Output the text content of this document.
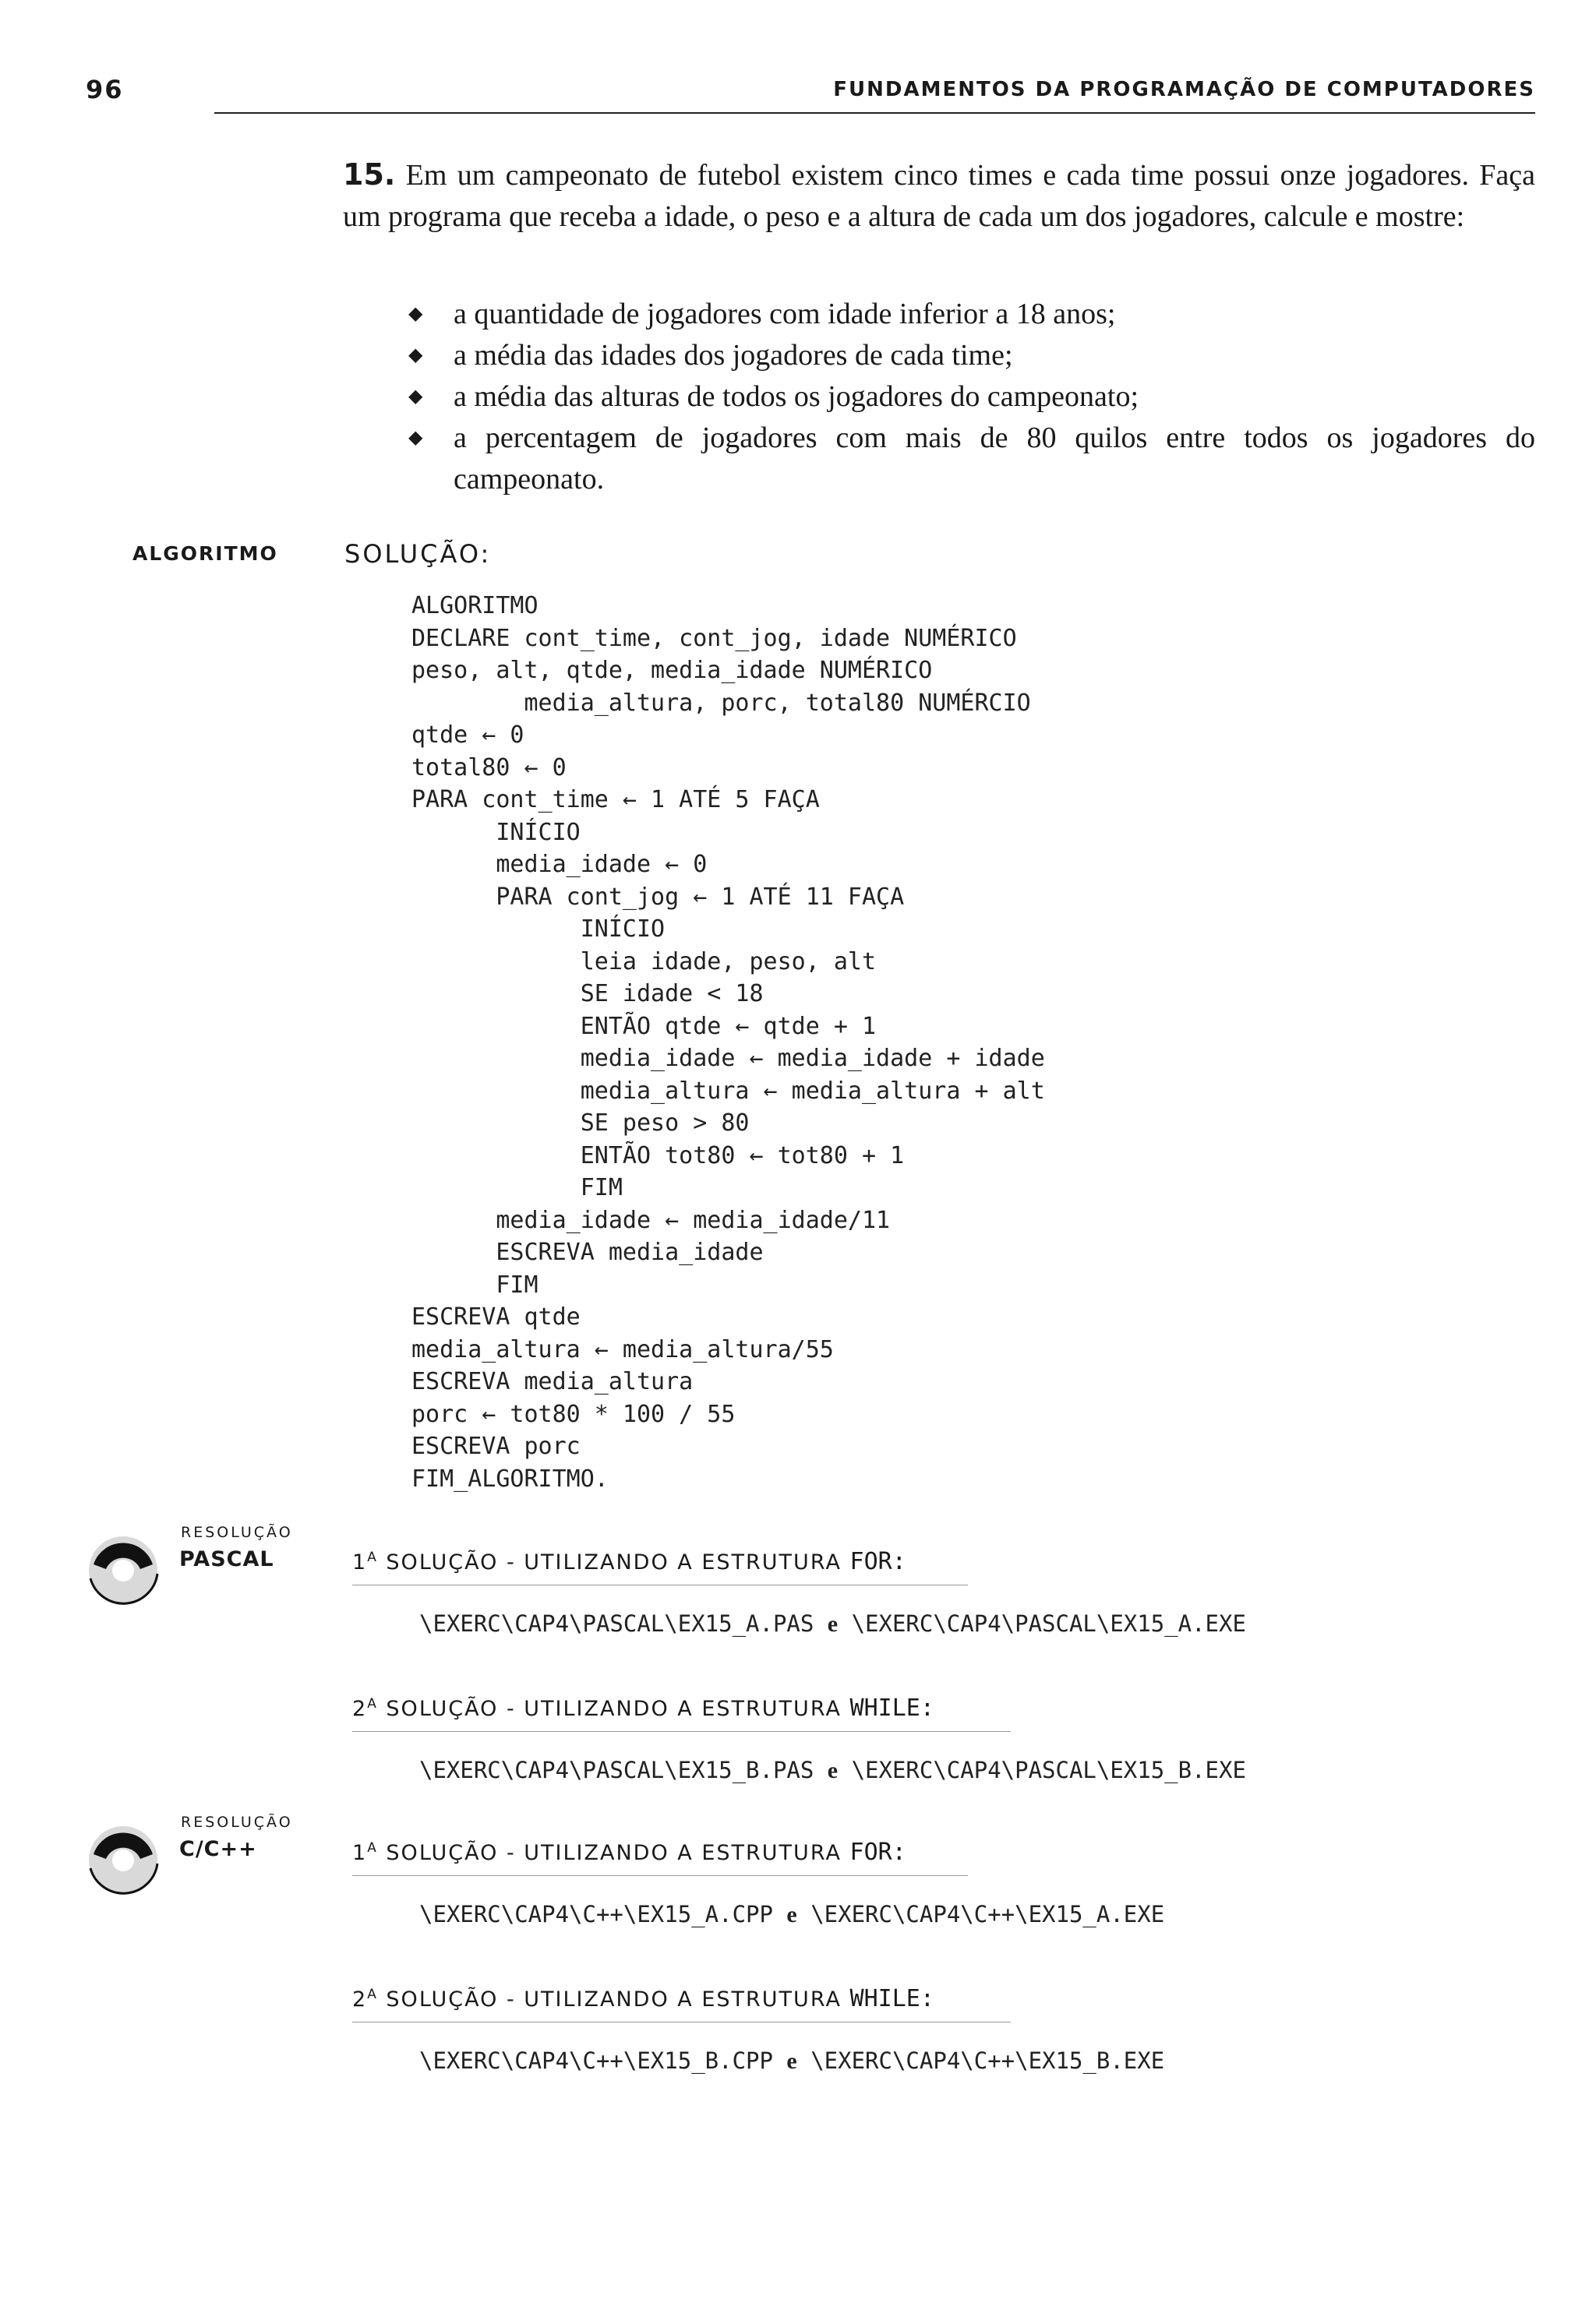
96	FUNDAMENTOS DA PROGRAMAÇÃO DE COMPUTADORES
15. Em um campeonato de futebol existem cinco times e cada time possui onze jogadores. Faça um programa que receba a idade, o peso e a altura de cada um dos jogadores, calcule e mostre:
◆ a quantidade de jogadores com idade inferior a 18 anos;
◆ a média das idades dos jogadores de cada time;
◆ a média das alturas de todos os jogadores do campeonato;
◆ a percentagem de jogadores com mais de 80 quilos entre todos os jogadores do campeonato.
ALGORITMO	SOLUÇÃO:
ALGORITMO
DECLARE cont_time, cont_jog, idade NUMÉRICO
peso, alt, qtde, media_idade NUMÉRICO
media_altura, porc, total80 NUMÉRCIO
qtde ← 0
total80 ← 0
PARA cont_time ← 1 ATÉ 5 FAÇA
INÍCIO
media_idade ← 0
PARA cont_jog ← 1 ATÉ 11 FAÇA
INÍCIO
leia idade, peso, alt
SE idade < 18
ENTÃO qtde ← qtde + 1
media_idade ← media_idade + idade
media_altura ← media_altura + alt
SE peso > 80
ENTÃO tot80 ← tot80 + 1
FIM
media_idade ← media_idade/11
ESCREVA media_idade
FIM
ESCREVA qtde
media_altura ← media_altura/55
ESCREVA media_altura
porc ← tot80 * 100 / 55
ESCREVA porc
FIM_ALGORITMO.
RESOLUÇÃO
PASCAL	$1^A$ SOLUÇÃO - UTILIZANDO A ESTRUTURA FOR:
\EXERC\CAP4\PASCAL\EX15_A.PAS e \EXERC\CAP4\PASCAL\EX15_A.EXE
$2^A$ SOLUÇÃO - UTILIZANDO A ESTRUTURA WHILE:
\EXERC\CAP4\PASCAL\EX15_B.PAS e \EXERC\CAP4\PASCAL\EX15_B.EXE
RESOLUÇÃO
C/C++	$1^A$ SOLUÇÃO - UTILIZANDO A ESTRUTURA FOR:
\EXERC\CAP4\C++\EX15_A.CPP e \EXERC\CAP4\C++\EX15_A.EXE
$2^A$ SOLUÇÃO - UTILIZANDO A ESTRUTURA WHILE:
\EXERC\CAP4\C++\EX15_B.CPP e \EXERC\CAP4\C++\EX15_B.EXE
